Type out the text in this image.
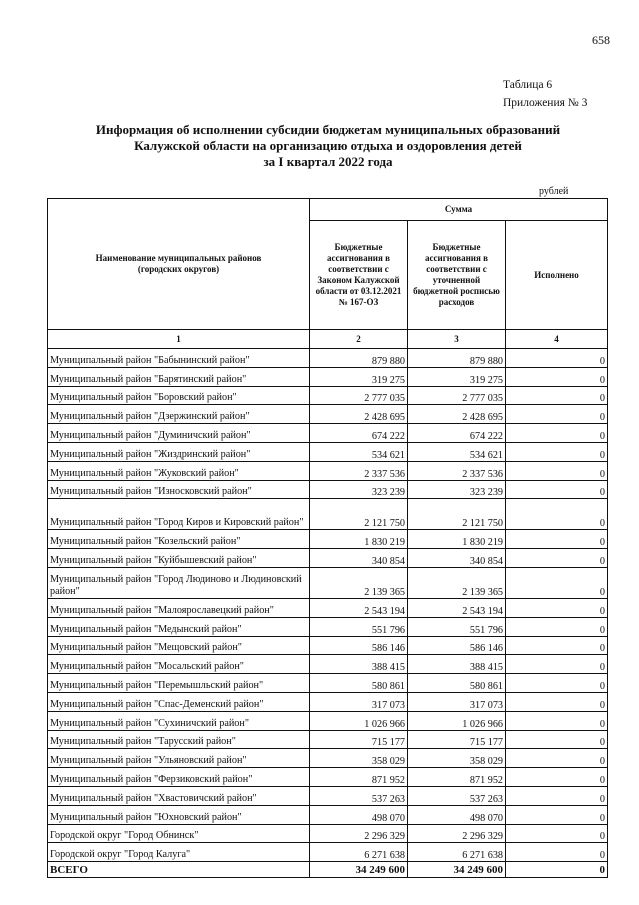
658
Таблица 6
Приложения № 3
Информация об исполнении субсидии бюджетам муниципальных образований
Калужской области на организацию отдыха и оздоровления детей
за I квартал 2022 года
рублей
Наименование муниципальных районов (городских округов)	Сумма		
	Бюджетные ассигнования в соответствии с Законом Калужской области от 03.12.2021 № 167-ОЗ	Бюджетные ассигнования в соответствии с уточненной бюджетной росписью расходов	Исполнено
1	2	3	4
Муниципальный район "Бабынинский район"	879 880	879 880	0
Муниципальный район "Барятинский район"	319 275	319 275	0
Муниципальный район "Боровский район"	2 777 035	2 777 035	0
Муниципальный район "Дзержинский район"	2 428 695	2 428 695	0
Муниципальный район "Думиничский район"	674 222	674 222	0
Муниципальный район "Жиздринский район"	534 621	534 621	0
Муниципальный район "Жуковский район"	2 337 536	2 337 536	0
Муниципальный район "Износковский район"	323 239	323 239	0
Муниципальный район "Город Киров и Кировский район"	2 121 750	2 121 750	0
Муниципальный район "Козельский район"	1 830 219	1 830 219	0
Муниципальный район "Куйбышевский район"	340 854	340 854	0
Муниципальный район "Город Людиново и Людиновский район"	2 139 365	2 139 365	0
Муниципальный район "Малоярославецкий район"	2 543 194	2 543 194	0
Муниципальный район "Медынский район"	551 796	551 796	0
Муниципальный район "Мещовский район"	586 146	586 146	0
Муниципальный район "Мосальский район"	388 415	388 415	0
Муниципальный район "Перемышльский район"	580 861	580 861	0
Муниципальный район "Спас-Деменский район"	317 073	317 073	0
Муниципальный район "Сухиничский район"	1 026 966	1 026 966	0
Муниципальный район "Тарусский район"	715 177	715 177	0
Муниципальный район "Ульяновский район"	358 029	358 029	0
Муниципальный район "Ферзиковский район"	871 952	871 952	0
Муниципальный район "Хвастовичский район"	537 263	537 263	0
Муниципальный район "Юхновский район"	498 070	498 070	0
Городской округ "Город Обнинск"	2 296 329	2 296 329	0
Городской округ "Город Калуга"	6 271 638	6 271 638	0
ВСЕГО	34 249 600	34 249 600	0
